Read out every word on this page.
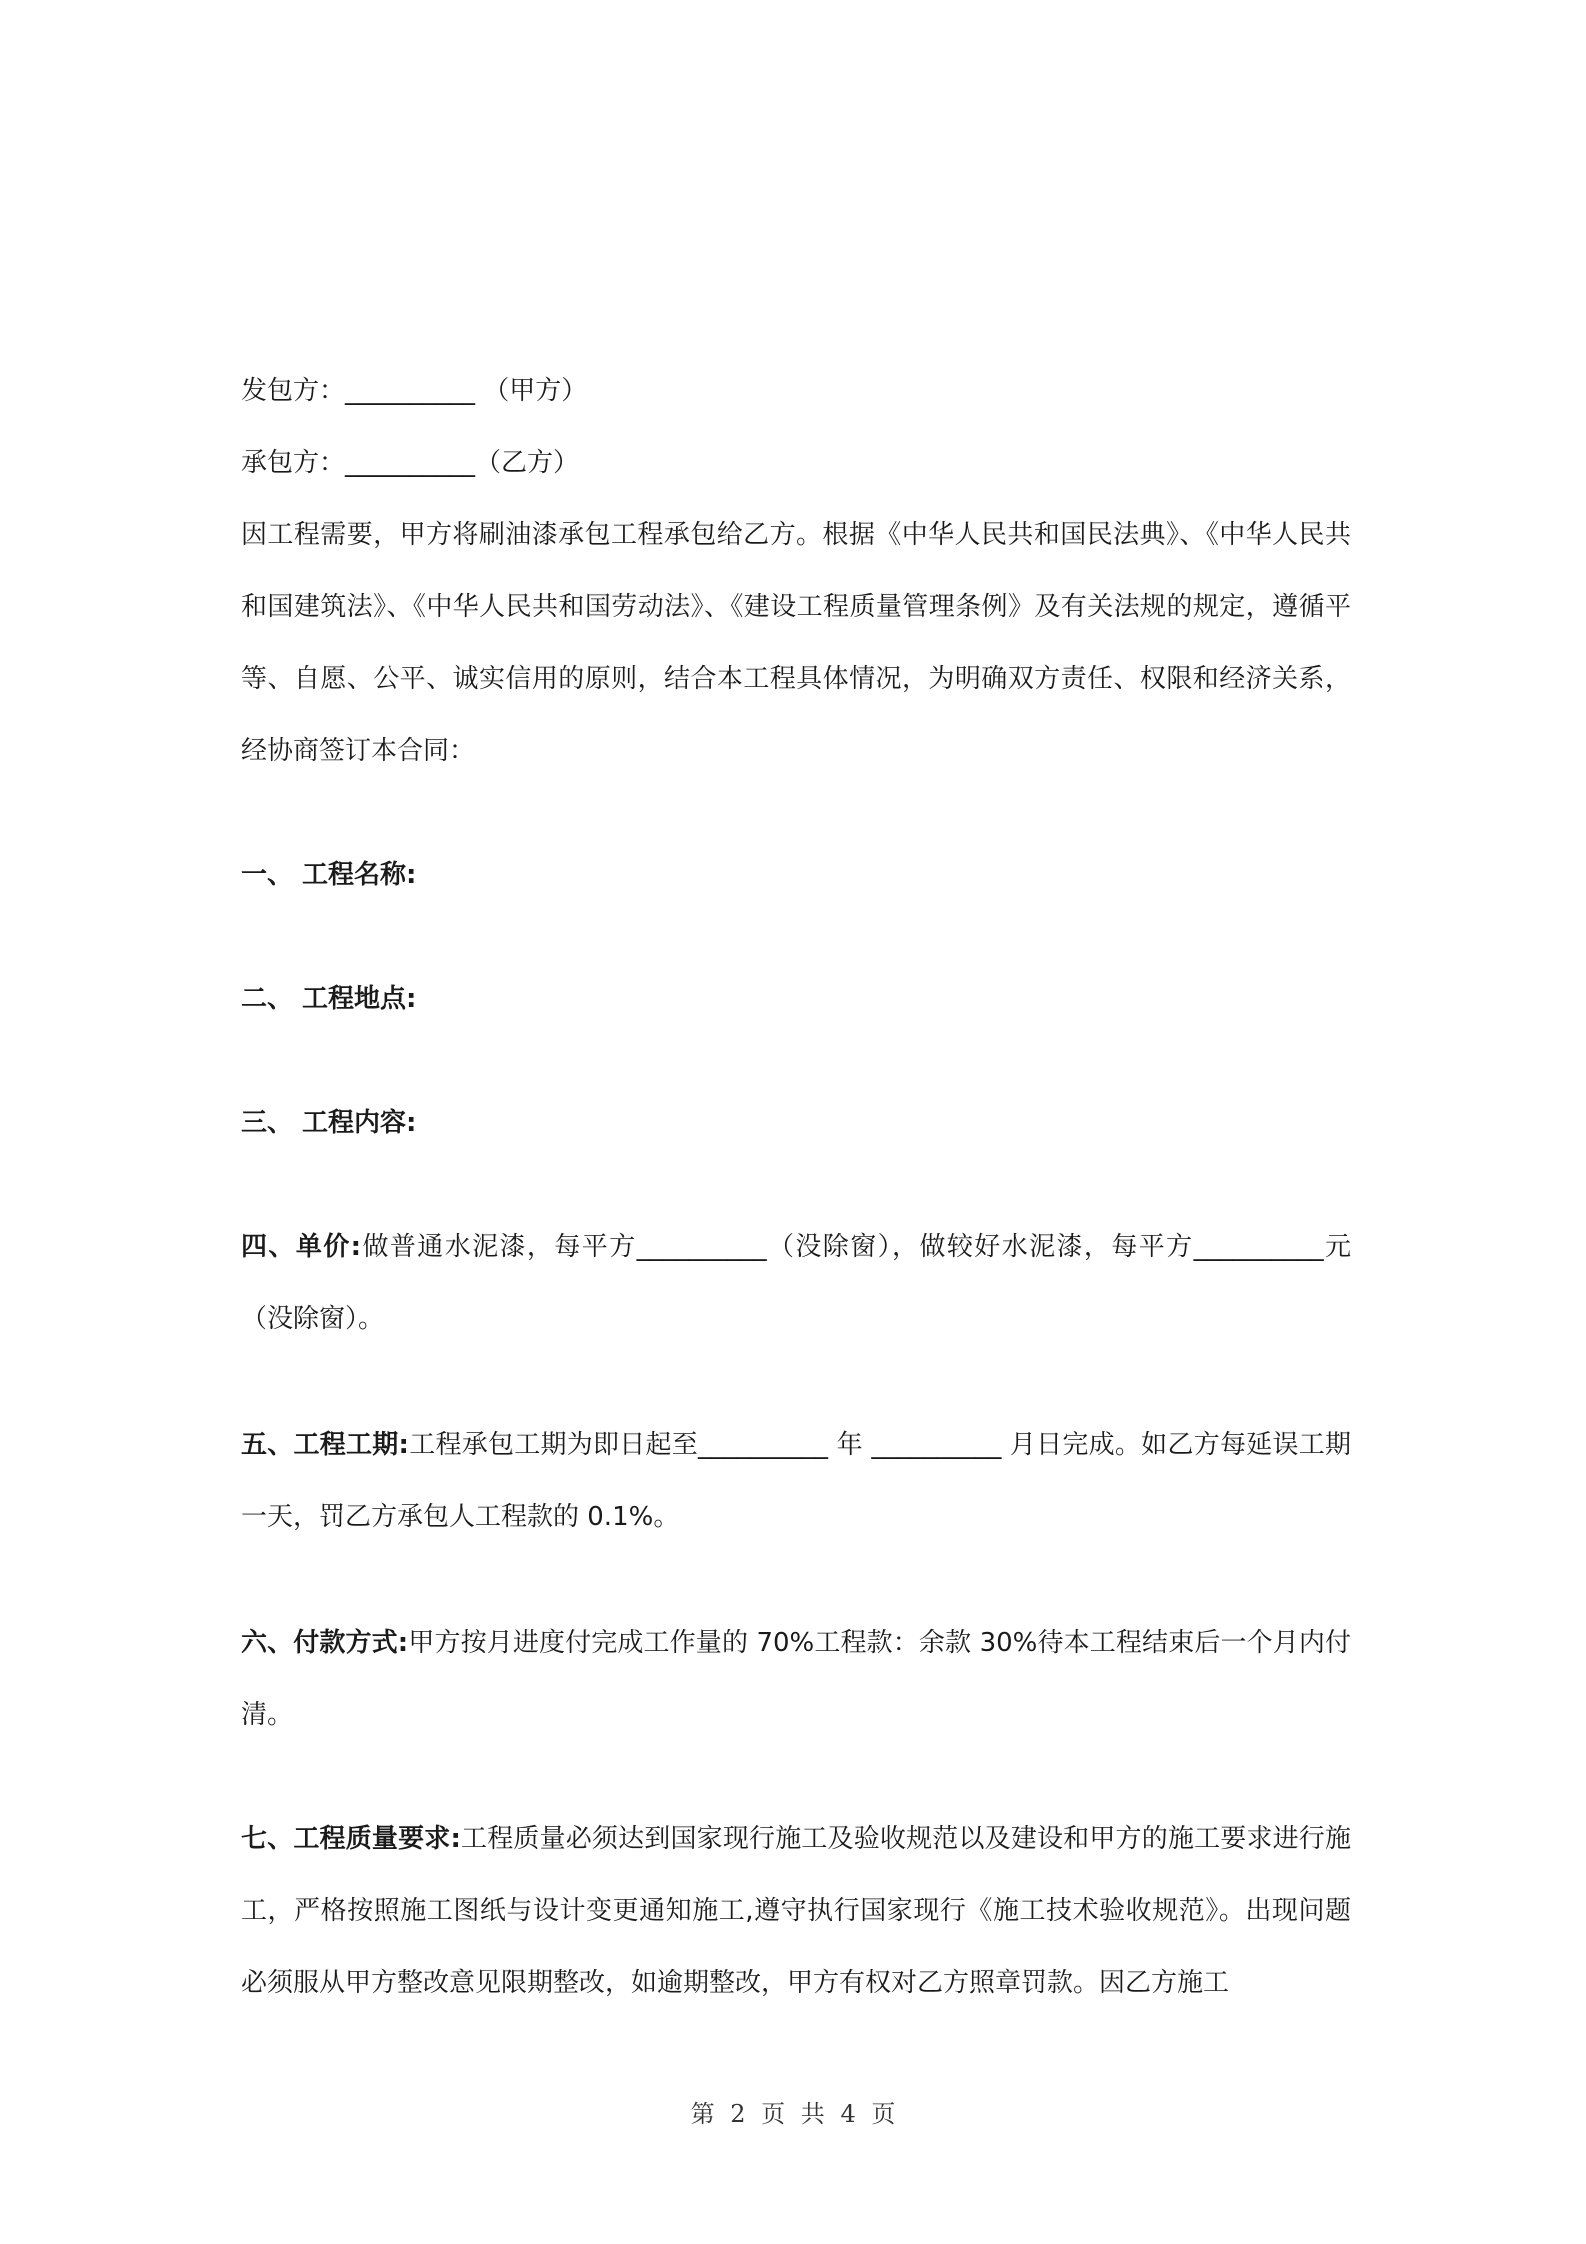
发包方：__________ （甲方）

承包方：__________（乙方）

因工程需要，甲方将刷油漆承包工程承包给乙方。根据《中华人民共和国民法典》、《中华人民共和国建筑法》、《中华人民共和国劳动法》、《建设工程质量管理条例》及有关法规的规定，遵循平等、自愿、公平、诚实信用的原则，结合本工程具体情况，为明确双方责任、权限和经济关系，经协商签订本合同：

一、 工程名称:

二、 工程地点:

三、 工程内容:

四、单价:做普通水泥漆，每平方__________（没除窗），做较好水泥漆，每平方__________元（没除窗）。

五、工程工期:工程承包工期为即日起至__________ 年 __________ 月日完成。如乙方每延误工期一天，罚乙方承包人工程款的 0.1%。

六、付款方式:甲方按月进度付完成工作量的 70%工程款：余款 30%待本工程结束后一个月内付清。

七、工程质量要求:工程质量必须达到国家现行施工及验收规范以及建设和甲方的施工要求进行施工，严格按照施工图纸与设计变更通知施工,遵守执行国家现行《施工技术验收规范》。出现问题必须服从甲方整改意见限期整改，如逾期整改，甲方有权对乙方照章罚款。因乙方施工

第 2 页 共 4 页
